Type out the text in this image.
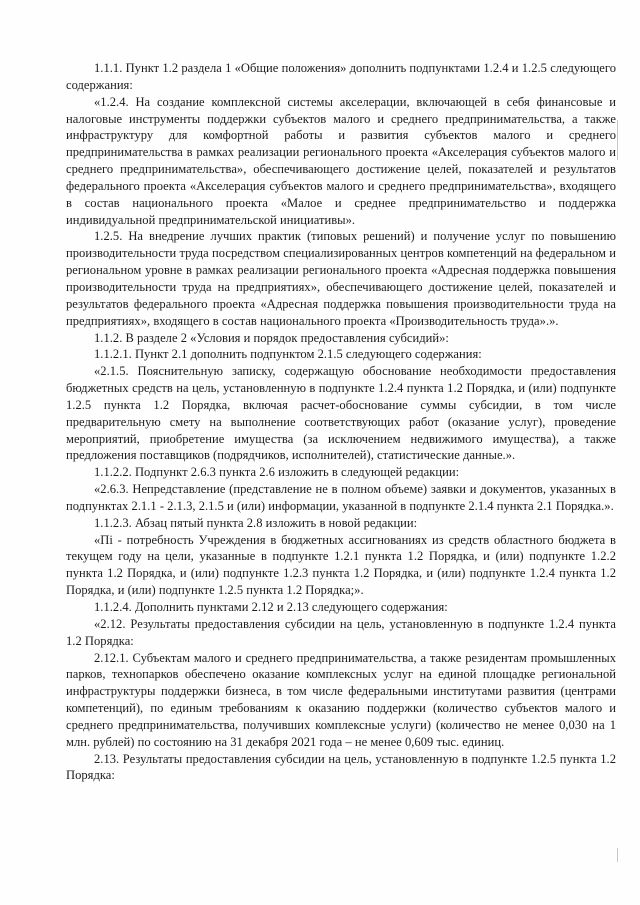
1.1.1. Пункт 1.2 раздела 1 «Общие положения» дополнить подпунктами 1.2.4 и 1.2.5 следующего содержания:

«1.2.4. На создание комплексной системы акселерации, включающей в себя финансовые и налоговые инструменты поддержки субъектов малого и среднего предпринимательства, а также инфраструктуру для комфортной работы и развития субъектов малого и среднего предпринимательства в рамках реализации регионального проекта «Акселерация субъектов малого и среднего предпринимательства», обеспечивающего достижение целей, показателей и результатов федерального проекта «Акселерация субъектов малого и среднего предпринимательства», входящего в состав национального проекта «Малое и среднее предпринимательство и поддержка индивидуальной предпринимательской инициативы».

1.2.5. На внедрение лучших практик (типовых решений) и получение услуг по повышению производительности труда посредством специализированных центров компетенций на федеральном и региональном уровне в рамках реализации регионального проекта «Адресная поддержка повышения производительности труда на предприятиях», обеспечивающего достижение целей, показателей и результатов федерального проекта «Адресная поддержка повышения производительности труда на предприятиях», входящего в состав национального проекта «Производительность труда».».

1.1.2. В разделе 2 «Условия и порядок предоставления субсидий»:

1.1.2.1. Пункт 2.1 дополнить подпунктом 2.1.5 следующего содержания:

«2.1.5. Пояснительную записку, содержащую обоснование необходимости предоставления бюджетных средств на цель, установленную в подпункте 1.2.4 пункта 1.2 Порядка, и (или) подпункте 1.2.5 пункта 1.2 Порядка, включая расчет-обоснование суммы субсидии, в том числе предварительную смету на выполнение соответствующих работ (оказание услуг), проведение мероприятий, приобретение имущества (за исключением недвижимого имущества), а также предложения поставщиков (подрядчиков, исполнителей), статистические данные.».

1.1.2.2. Подпункт 2.6.3 пункта 2.6 изложить в следующей редакции:

«2.6.3. Непредставление (представление не в полном объеме) заявки и документов, указанных в подпунктах 2.1.1 - 2.1.3, 2.1.5 и (или) информации, указанной в подпункте 2.1.4 пункта 2.1 Порядка.».

1.1.2.3. Абзац пятый пункта 2.8 изложить в новой редакции:

«Пi - потребность Учреждения в бюджетных ассигнованиях из средств областного бюджета в текущем году на цели, указанные в подпункте 1.2.1 пункта 1.2 Порядка, и (или) подпункте 1.2.2 пункта 1.2 Порядка, и (или) подпункте 1.2.3 пункта 1.2 Порядка, и (или) подпункте 1.2.4 пункта 1.2 Порядка, и (или) подпункте 1.2.5 пункта 1.2 Порядка;».

1.1.2.4. Дополнить пунктами 2.12 и 2.13 следующего содержания:

«2.12. Результаты предоставления субсидии на цель, установленную в подпункте 1.2.4 пункта 1.2 Порядка:

2.12.1. Субъектам малого и среднего предпринимательства, а также резидентам промышленных парков, технопарков обеспечено оказание комплексных услуг на единой площадке региональной инфраструктуры поддержки бизнеса, в том числе федеральными институтами развития (центрами компетенций), по единым требованиям к оказанию поддержки (количество субъектов малого и среднего предпринимательства, получивших комплексные услуги) (количество не менее 0,030 на 1 млн. рублей) по состоянию на 31 декабря 2021 года – не менее 0,609 тыс. единиц.

2.13. Результаты предоставления субсидии на цель, установленную в подпункте 1.2.5 пункта 1.2 Порядка:
